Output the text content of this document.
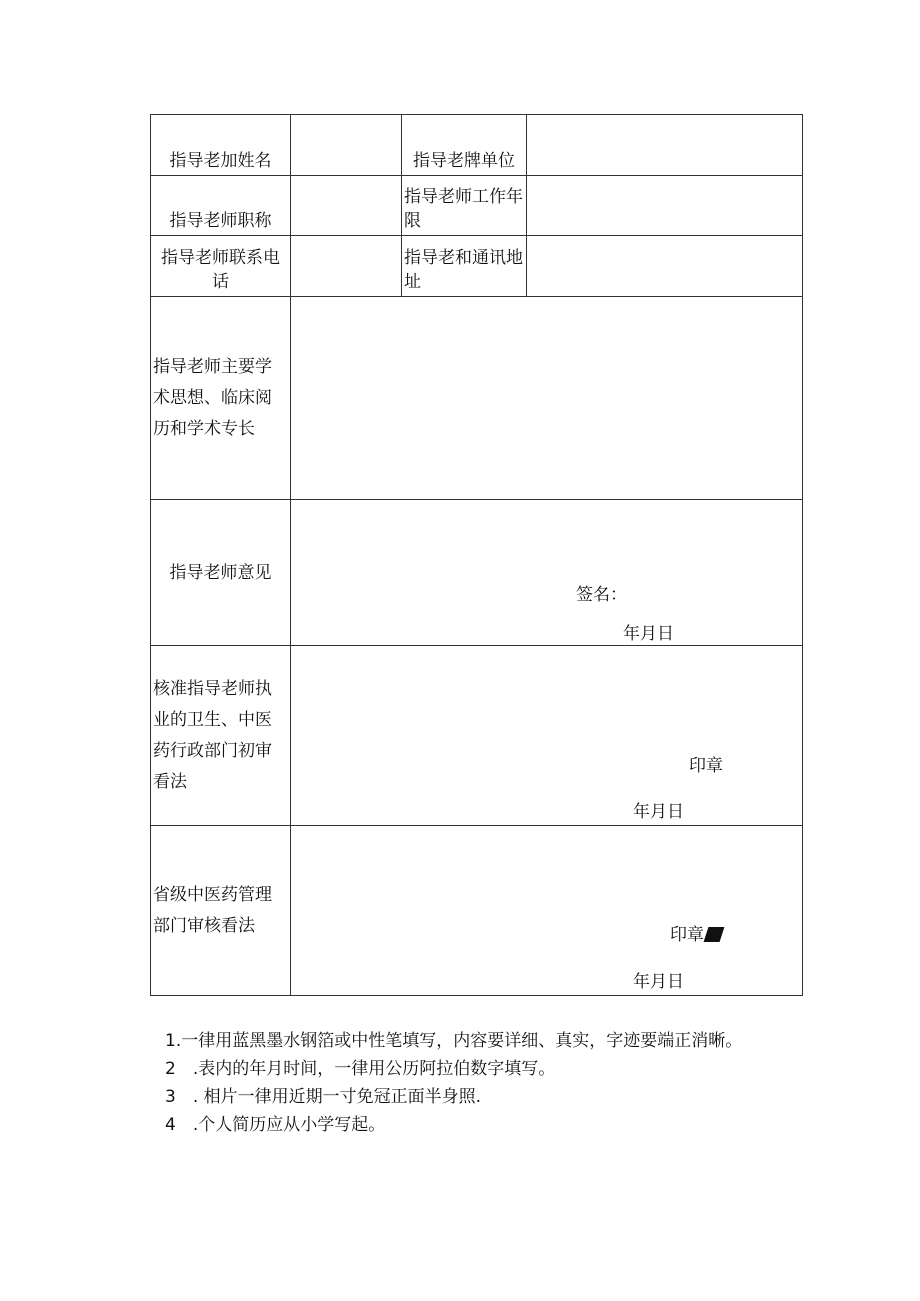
指导老加姓名		指导老牌单位	
指导老师职称		指导老师工作年限	

指导老师联系电话		指导老和通讯地址	

指导老师主要学术思想、临床阅历和学术专长			

指导老师意见	签名：
年月日		

核准指导老师执业的卫生、中医药行政部门初审看法	印章
年月日		

省级中医药管理部门审核看法	印章
年月日		
1.一律用蓝黑墨水钢箔或中性笔填写，内容要详细、真实，字迹要端正消晰。
2　.表内的年月时间，一律用公历阿拉伯数字填写。
3　. 相片一律用近期一寸免冠正面半身照.
4　.个人简历应从小学写起。
